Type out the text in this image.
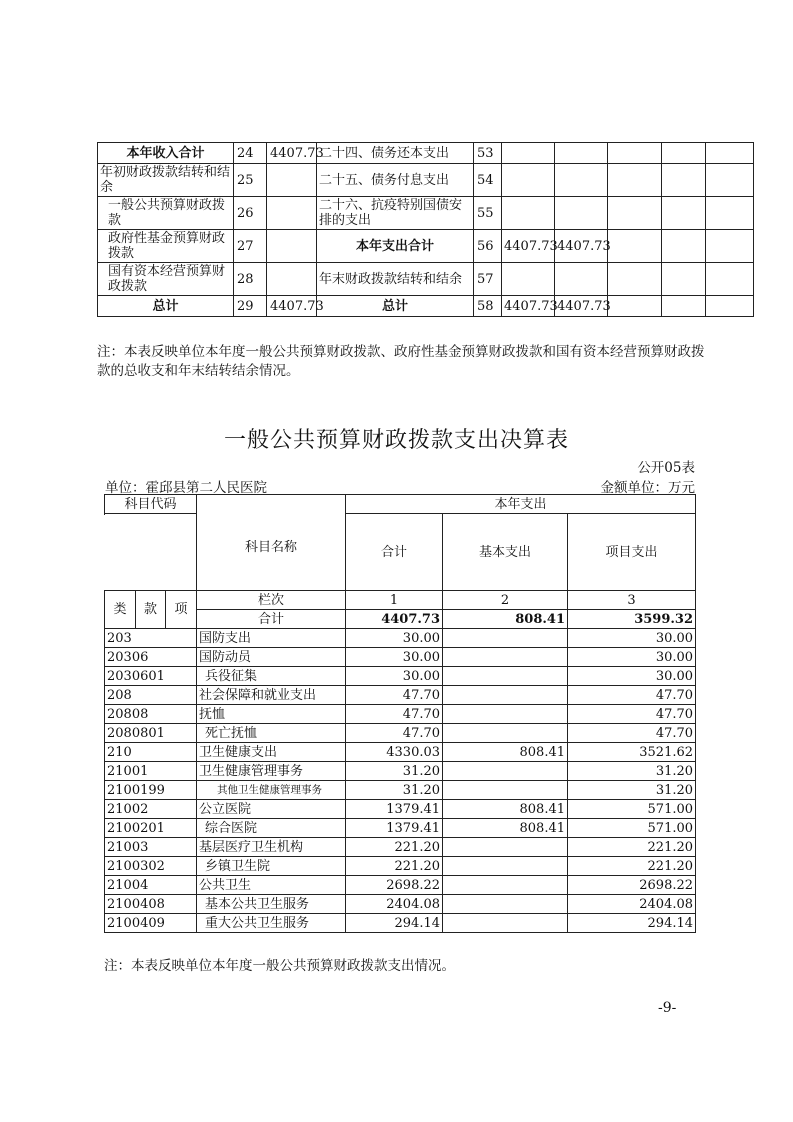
本年收入合计	24	4407.73	二十四、债务还本支出	53					
年初财政拨款结转和结余	25		二十五、债务付息支出	54					
一般公共预算财政拨款	26		二十六、抗疫特别国债安排的支出	55					
政府性基金预算财政拨款	27		本年支出合计	56	4407.73	4407.73			
国有资本经营预算财政拨款	28		年末财政拨款结转和结余	57					
总计	29	4407.73	总计	58	4407.73	4407.73			
注：本表反映单位本年度一般公共预算财政拨款、政府性基金预算财政拨款和国有资本经营预算财政拨款的总收支和年末结转结余情况。
一般公共预算财政拨款支出决算表
公开05表
单位：霍邱县第二人民医院	金额单位：万元
科目代码			科目名称	本年支出		
				合计	基本支出	项目支出

类	款	项	栏次	1	2	3
			合计	4407.73	808.41	3599.32
203			国防支出	30.00		30.00
20306			国防动员	30.00		30.00
2030601			兵役征集	30.00		30.00
208			社会保障和就业支出	47.70		47.70
20808			抚恤	47.70		47.70
2080801			死亡抚恤	47.70		47.70
210			卫生健康支出	4330.03	808.41	3521.62
21001			卫生健康管理事务	31.20		31.20
2100199			其他卫生健康管理事务	31.20		31.20
21002			公立医院	1379.41	808.41	571.00
2100201			综合医院	1379.41	808.41	571.00
21003			基层医疗卫生机构	221.20		221.20
2100302			乡镇卫生院	221.20		221.20
21004			公共卫生	2698.22		2698.22
2100408			基本公共卫生服务	2404.08		2404.08
2100409			重大公共卫生服务	294.14		294.14
注：本表反映单位本年度一般公共预算财政拨款支出情况。
-9-
